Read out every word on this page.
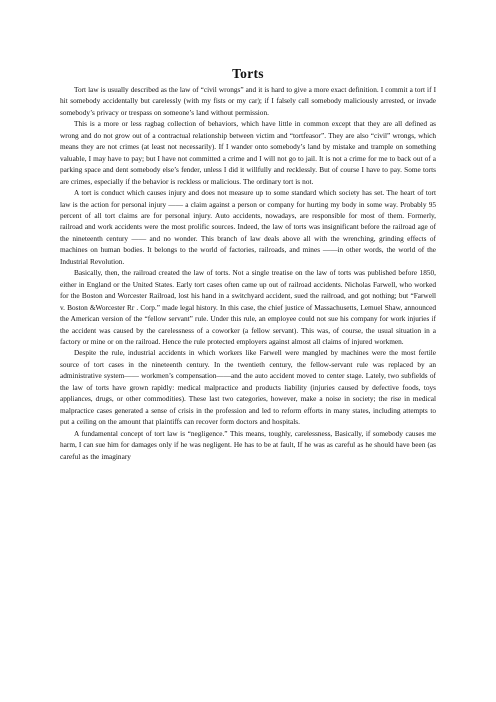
Torts

Tort law is usually described as the law of “civil wrongs” and it is hard to give a more exact definition. I commit a tort if I hit somebody accidentally but carelessly (with my fists or my car); if I falsely call somebody maliciously arrested, or invade somebody’s privacy or trespass on someone’s land without permission.

This is a more or less ragbag collection of behaviors, which have little in common except that they are all defined as wrong and do not grow out of a contractual relationship between victim and “tortfeasor”. They are also “civil” wrongs, which means they are not crimes (at least not necessarily). If I wander onto somebody’s land by mistake and trample on something valuable, I may have to pay; but I have not committed a crime and I will not go to jail. It is not a crime for me to back out of a parking space and dent somebody else’s fender, unless I did it willfully and recklessly. But of course I have to pay. Some torts are crimes, especially if the behavior is reckless or malicious. The ordinary tort is not.

A tort is conduct which causes injury and does not measure up to some standard which society has set. The heart of tort law is the action for personal injury —— a claim against a person or company for hurting my body in some way. Probably 95 percent of all tort claims are for personal injury. Auto accidents, nowadays, are responsible for most of them. Formerly, railroad and work accidents were the most prolific sources. Indeed, the law of torts was insignificant before the railroad age of the nineteenth century —— and no wonder. This branch of law deals above all with the wrenching, grinding effects of machines on human bodies. It belongs to the world of factories, railroads, and mines ——in other words, the world of the Industrial Revolution.

Basically, then, the railroad created the law of torts. Not a single treatise on the law of torts was published before 1850, either in England or the United States. Early tort cases often came up out of railroad accidents. Nicholas Farwell, who worked for the Boston and Worcester Railroad, lost his hand in a switchyard accident, sued the railroad, and got nothing; but “Farwell v. Boston &Worcester Rr . Corp.” made legal history. In this case, the chief justice of Massachusetts, Lemuel Shaw, announced the American version of the “fellow servant” rule. Under this rule, an employee could not sue his company for work injuries if the accident was caused by the carelessness of a coworker (a fellow servant). This was, of course, the usual situation in a factory or mine or on the railroad. Hence the rule protected employers against almost all claims of injured workmen.

Despite the rule, industrial accidents in which workers like Farwell were mangled by machines were the most fertile source of tort cases in the nineteenth century. In the twentieth century, the fellow-servant rule was replaced by an administrative system—— workmen’s compensation——and the auto accident moved to center stage. Lately, two subfields of the law of torts have grown rapidly: medical malpractice and products liability (injuries caused by defective foods, toys appliances, drugs, or other commodities). These last two categories, however, make a noise in society; the rise in medical malpractice cases generated a sense of crisis in the profession and led to reform efforts in many states, including attempts to put a ceiling on the amount that plaintiffs can recover form doctors and hospitals.

A fundamental concept of tort law is “negligence.” This means, toughly, carelessness, Basically, if somebody causes me harm, I can sue him for damages only if he was negligent. He has to be at fault, If he was as careful as he should have been (as careful as the imaginary
